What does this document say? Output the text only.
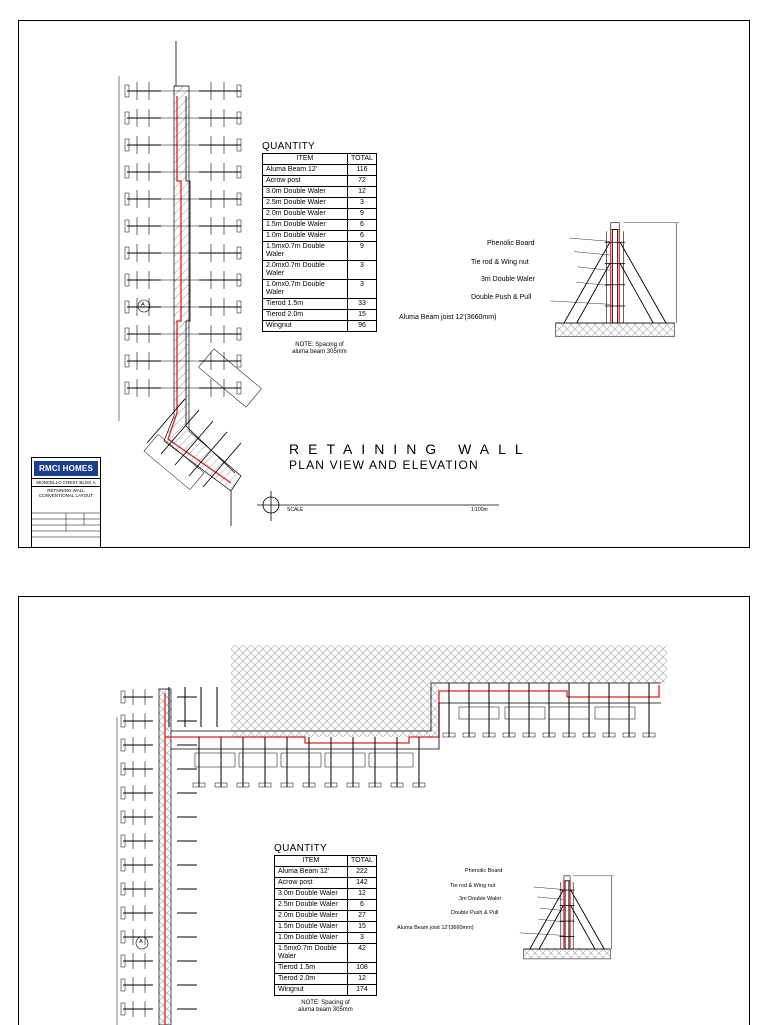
A
QUANTITY
ITEM	TOTAL
Aluma Beam 12'	116
Acrow post	72
3.0m Double Waler	12
2.5m Double Waler	3
2.0m Double Waler	9
1.5m Double Waler	6
1.0m Double Waler	6
1.5mx0.7m Double Waler	9
2.0mx0.7m Double Waler	3
1.0mx0.7m Double Waler	3
Tierod 1.5m	33
Tierod 2.0m	15
Wingnut	96
NOTE: Spacing of
aluma beam 305mm
Phenolic Board
Tie rod & Wing nut
3m Double Waler
Double Push & Pull
Aluma Beam joist 12'(3660mm)
RETAINING WALL
PLAN VIEW AND ELEVATION
SCALE	1:100m
RMCI HOMES
MONCELLO CREST BLDG A
RETAINING WALL
CONVENTIONAL LAYOUT
A
QUANTITY
ITEM	TOTAL
Aluma Beam 12'	222
Acrow post	142
3.0m Double Waler	12
2.5m Double Waler	6
2.0m Double Waler	27
1.5m Double Waler	15
1.0m Double Waler	3
1.5mx0.7m Double Waler	42
Tierod 1.5m	108
Tierod 2.0m	12
Wingnut	174
NOTE: Spacing of
aluma beam 305mm
Phenolic Board
Tie rod & Wing nut
3m Double Waler
Double Push & Pull
Aluma Beam joist 12'(3660mm)
